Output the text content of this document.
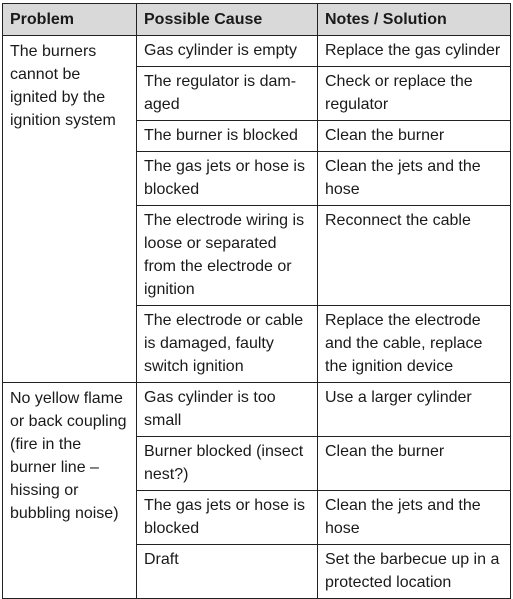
Problem	Possible Cause	Notes / Solution
The burners cannot be ignited by the ignition system	Gas cylinder is empty	Replace the gas cylinder
	The regulator is dam-aged	Check or replace the regulator
	The burner is blocked	Clean the burner
	The gas jets or hose is blocked	Clean the jets and the hose
	The electrode wiring is loose or separated from the electrode or ignition	Reconnect the cable
	The electrode or cable is damaged, faulty switch ignition	Replace the electrode and the cable, replace the ignition device
No yellow flame or back coupling (fire in the burner line – hissing or bubbling noise)	Gas cylinder is too small	Use a larger cylinder
	Burner blocked (insect nest?)	Clean the burner
	The gas jets or hose is blocked	Clean the jets and the hose
	Draft	Set the barbecue up in a protected location
